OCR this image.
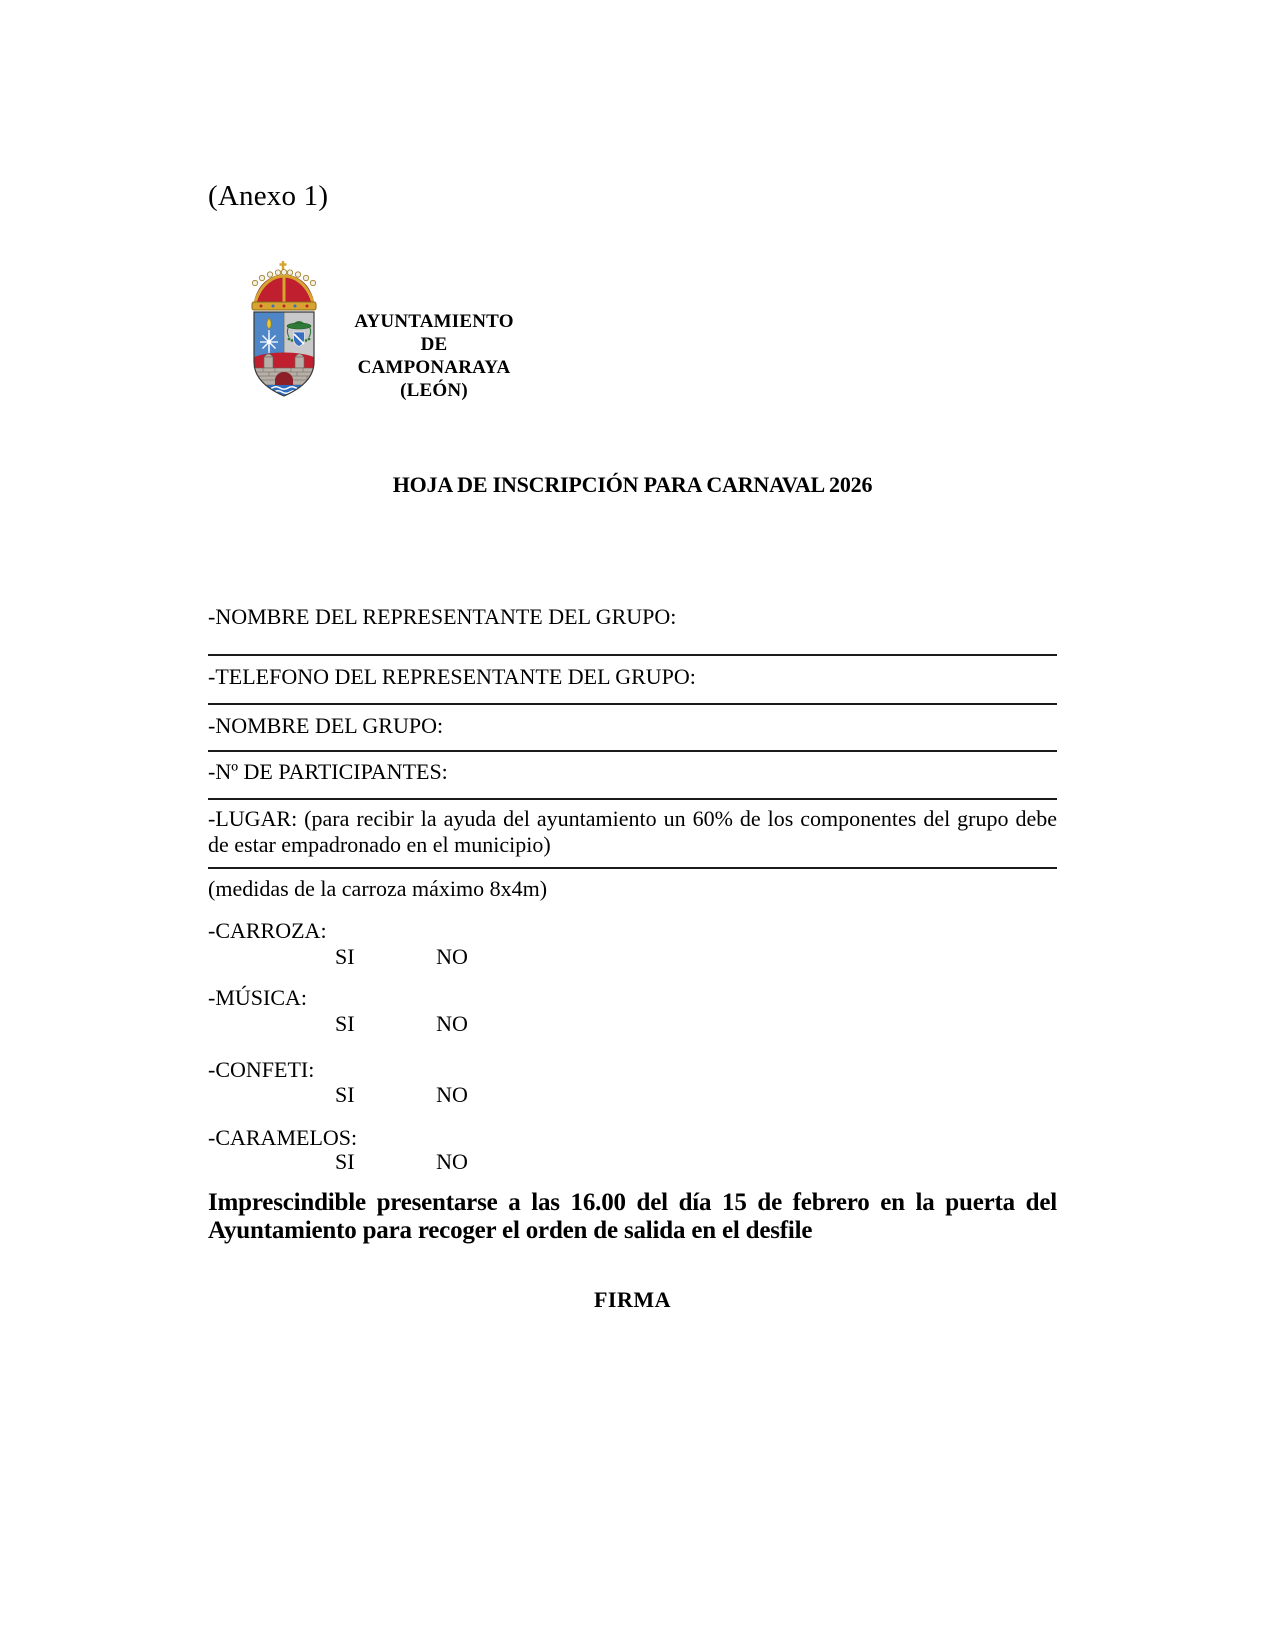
(Anexo 1)
AYUNTAMIENTO
DE
CAMPONARAYA
(LEÓN)
HOJA DE INSCRIPCIÓN PARA CARNAVAL 2026
-NOMBRE DEL REPRESENTANTE DEL GRUPO:
-TELEFONO DEL REPRESENTANTE DEL GRUPO:
-NOMBRE DEL GRUPO:
-Nº DE PARTICIPANTES:
-LUGAR: (para recibir la ayuda del ayuntamiento un 60% de los componentes del grupo debe de estar empadronado en el municipio)
(medidas de la carroza máximo 8x4m)
-CARROZA:
SI	NO
-MÚSICA:
SI	NO
-CONFETI:
SI	NO
-CARAMELOS:
SI	NO
Imprescindible presentarse a las 16.00 del día 15 de febrero en la puerta del Ayuntamiento para recoger el orden de salida en el desfile
FIRMA
